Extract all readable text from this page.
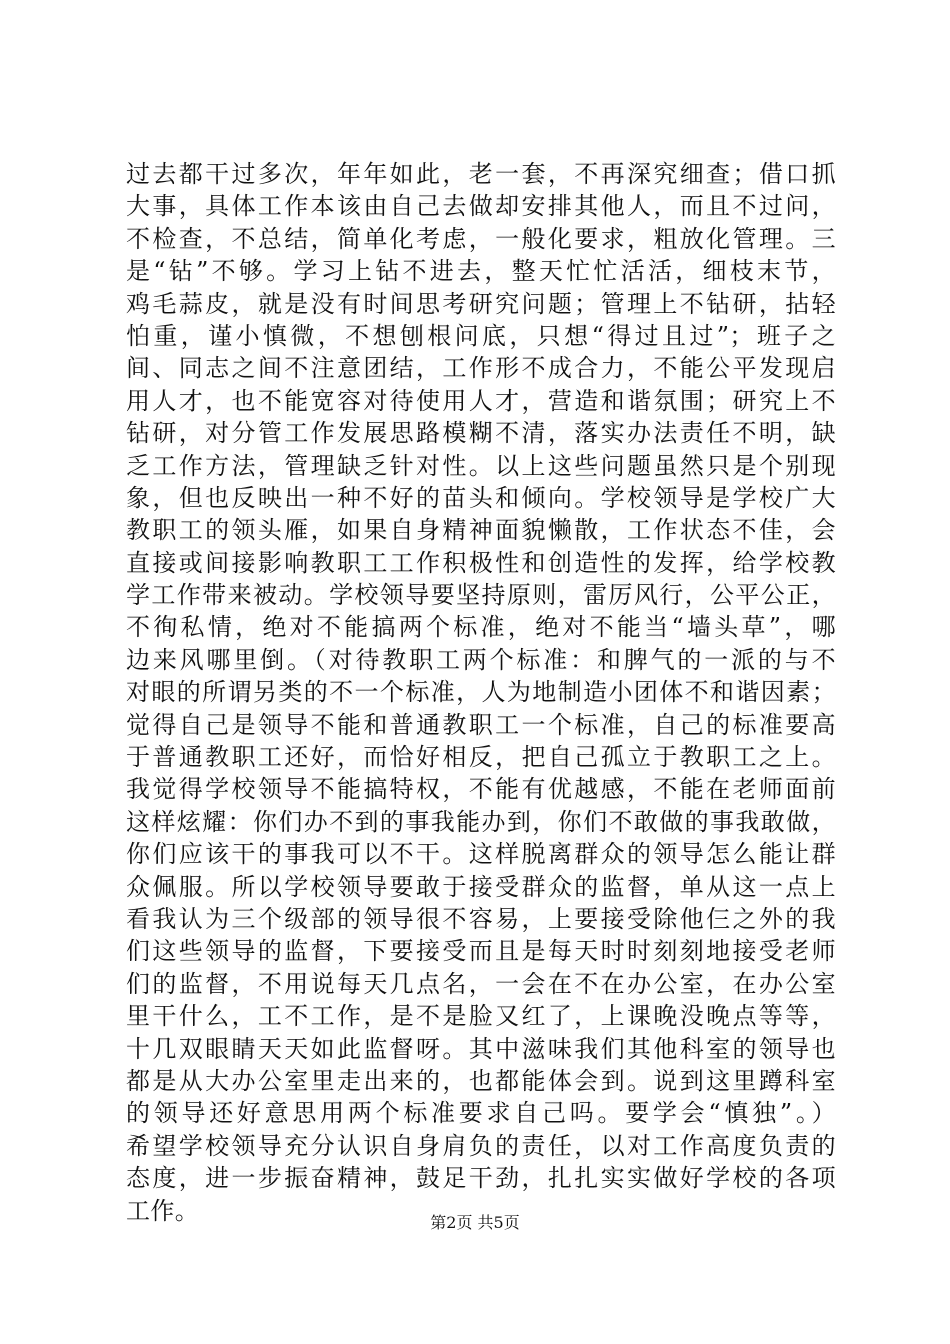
过去都干过多次，年年如此，老一套，不再深究细查；借口抓
大事，具体工作本该由自己去做却安排其他人，而且不过问，
不检查，不总结，简单化考虑，一般化要求，粗放化管理。三
是“钻”不够。学习上钻不进去，整天忙忙活活，细枝末节，
鸡毛蒜皮，就是没有时间思考研究问题；管理上不钻研，拈轻
怕重，谨小慎微，不想刨根问底，只想“得过且过”；班子之
间、同志之间不注意团结，工作形不成合力，不能公平发现启
用人才，也不能宽容对待使用人才，营造和谐氛围；研究上不
钻研，对分管工作发展思路模糊不清，落实办法责任不明，缺
乏工作方法，管理缺乏针对性。以上这些问题虽然只是个别现
象，但也反映出一种不好的苗头和倾向。学校领导是学校广大
教职工的领头雁，如果自身精神面貌懒散，工作状态不佳，会
直接或间接影响教职工工作积极性和创造性的发挥，给学校教
学工作带来被动。学校领导要坚持原则，雷厉风行，公平公正，
不徇私情，绝对不能搞两个标准，绝对不能当“墙头草”，哪
边来风哪里倒。（对待教职工两个标准：和脾气的一派的与不
对眼的所谓另类的不一个标准，人为地制造小团体不和谐因素；
觉得自己是领导不能和普通教职工一个标准，自己的标准要高
于普通教职工还好，而恰好相反，把自己孤立于教职工之上。
我觉得学校领导不能搞特权，不能有优越感，不能在老师面前
这样炫耀：你们办不到的事我能办到，你们不敢做的事我敢做，
你们应该干的事我可以不干。这样脱离群众的领导怎么能让群
众佩服。所以学校领导要敢于接受群众的监督，单从这一点上
看我认为三个级部的领导很不容易，上要接受除他仨之外的我
们这些领导的监督，下要接受而且是每天时时刻刻地接受老师
们的监督，不用说每天几点名，一会在不在办公室，在办公室
里干什么，工不工作，是不是脸又红了，上课晚没晚点等等，
十几双眼睛天天如此监督呀。其中滋味我们其他科室的领导也
都是从大办公室里走出来的，也都能体会到。说到这里蹲科室
的领导还好意思用两个标准要求自己吗。要学会“慎独”。）
希望学校领导充分认识自身肩负的责任，以对工作高度负责的
态度，进一步振奋精神，鼓足干劲，扎扎实实做好学校的各项
工作。	第2页 共5页
